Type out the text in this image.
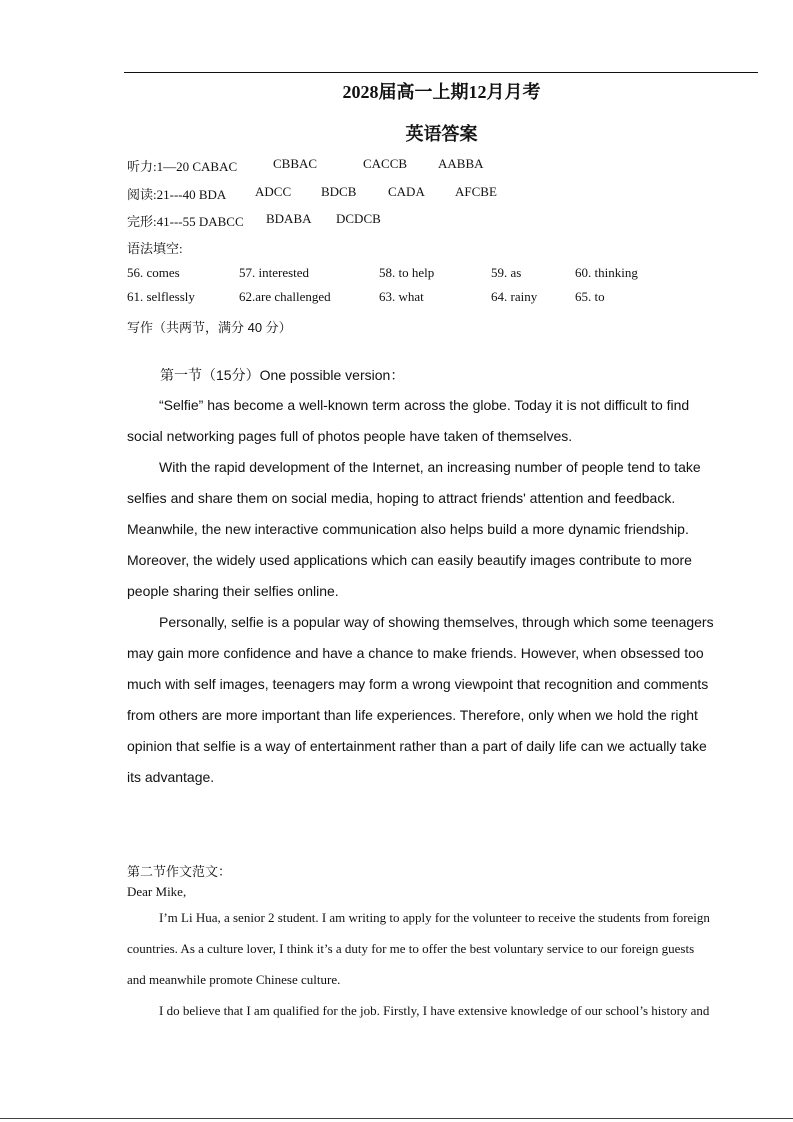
2028届高一上期12月月考
英语答案
听力:1—20 CABAC	CBBAC	CACCB AABBA
阅读:21---40 BDA ADCC BDCB CADA AFCBE
完形:41---55 DABCC BDABA DCDCB
语法填空:
56. comes	57. interested	58. to help	59. as	60. thinking
61. selflessly	62.are challenged	63. what	64. rainy	65. to
写作（共两节，满分 40 分）
第一节（15分）One possible version：
“Selfie” has become a well-known term across the globe. Today it is not difficult to find
social networking pages full of photos people have taken of themselves.
With the rapid development of the Internet, an increasing number of people tend to take
selfies and share them on social media, hoping to attract friends' attention and feedback.
Meanwhile, the new interactive communication also helps build a more dynamic friendship.
Moreover, the widely used applications which can easily beautify images contribute to more
people sharing their selfies online.
Personally, selfie is a popular way of showing themselves, through which some teenagers
may gain more confidence and have a chance to make friends. However, when obsessed too
much with self images, teenagers may form a wrong viewpoint that recognition and comments
from others are more important than life experiences. Therefore, only when we hold the right
opinion that selfie is a way of entertainment rather than a part of daily life can we actually take
its advantage.
第二节作文范文：
Dear Mike,
I’m Li Hua, a senior 2 student. I am writing to apply for the volunteer to receive the students from foreign
countries. As a culture lover, I think it’s a duty for me to offer the best voluntary service to our foreign guests
and meanwhile promote Chinese culture.
I do believe that I am qualified for the job. Firstly, I have extensive knowledge of our school’s history and
